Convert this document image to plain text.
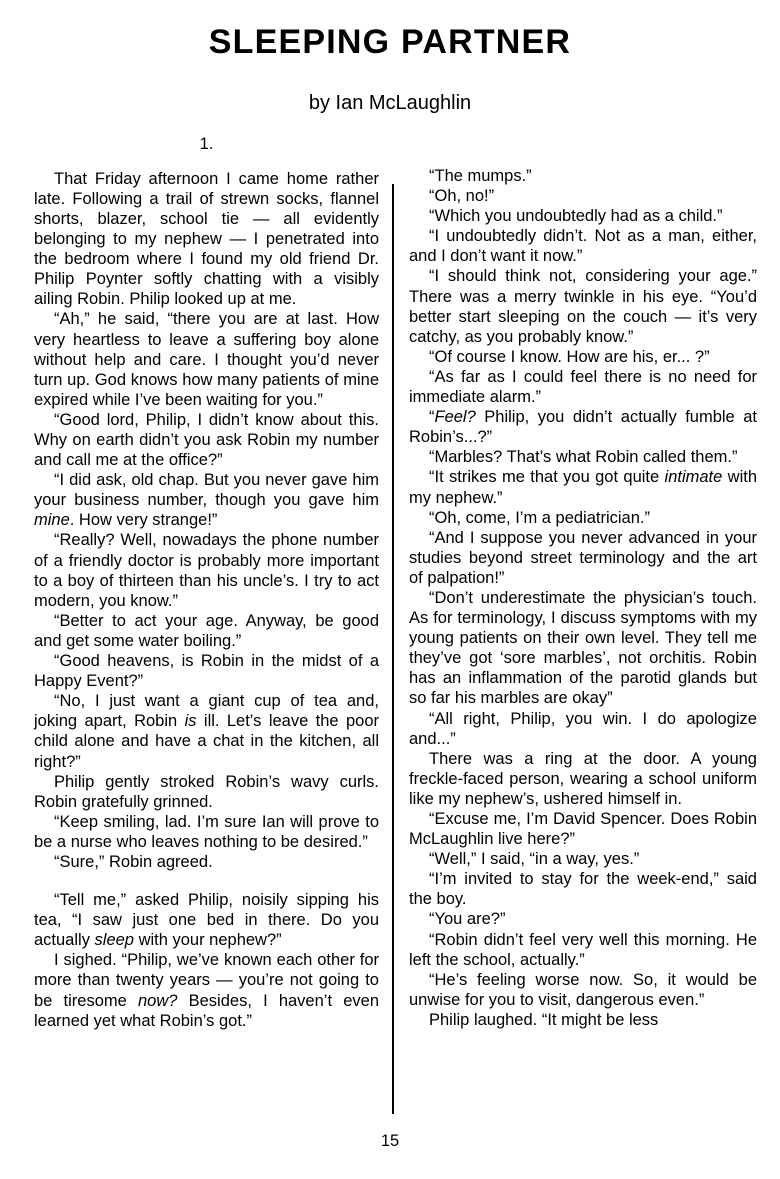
SLEEPING PARTNER
by Ian McLaughlin
1.

That Friday afternoon I came home rather late. Following a trail of strewn socks, flannel shorts, blazer, school tie — all evidently belonging to my nephew — I penetrated into the bedroom where I found my old friend Dr. Philip Poynter softly chatting with a visibly ailing Robin. Philip looked up at me.

“Ah,” he said, “there you are at last. How very heartless to leave a suffering boy alone without help and care. I thought you’d never turn up. God knows how many patients of mine expired while I’ve been waiting for you.”

“Good lord, Philip, I didn’t know about this. Why on earth didn’t you ask Robin my number and call me at the office?”

“I did ask, old chap. But you never gave him your business number, though you gave him mine. How very strange!”

“Really? Well, nowadays the phone number of a friendly doctor is probably more important to a boy of thirteen than his uncle’s. I try to act modern, you know.”

“Better to act your age. Anyway, be good and get some water boiling.”

“Good heavens, is Robin in the midst of a Happy Event?”

“No, I just want a giant cup of tea and, joking apart, Robin is ill. Let’s leave the poor child alone and have a chat in the kitchen, all right?”

Philip gently stroked Robin’s wavy curls. Robin gratefully grinned.

“Keep smiling, lad. I’m sure Ian will prove to be a nurse who leaves nothing to be desired.”

“Sure,” Robin agreed.

“Tell me,” asked Philip, noisily sipping his tea, “I saw just one bed in there. Do you actually sleep with your nephew?”

I sighed. “Philip, we’ve known each other for more than twenty years — you’re not going to be tiresome now? Besides, I haven’t even learned yet what Robin’s got.”

“The mumps.”

“Oh, no!”

“Which you undoubtedly had as a child.”

“I undoubtedly didn’t. Not as a man, either, and I don’t want it now.”

“I should think not, considering your age.” There was a merry twinkle in his eye. “You’d better start sleeping on the couch — it’s very catchy, as you probably know.”

“Of course I know. How are his, er... ?”

“As far as I could feel there is no need for immediate alarm.”

“Feel? Philip, you didn’t actually fumble at Robin’s...?”

“Marbles? That’s what Robin called them.”

“It strikes me that you got quite intimate with my nephew.”

“Oh, come, I’m a pediatrician.”

“And I suppose you never advanced in your studies beyond street terminology and the art of palpation!”

“Don’t underestimate the physician’s touch. As for terminology, I discuss symptoms with my young patients on their own level. They tell me they’ve got ‘sore marbles’, not orchitis. Robin has an inflammation of the parotid glands but so far his marbles are okay”

“All right, Philip, you win. I do apologize and...”

There was a ring at the door. A young freckle-faced person, wearing a school uniform like my nephew’s, ushered himself in.

“Excuse me, I’m David Spencer. Does Robin McLaughlin live here?”

“Well,” I said, “in a way, yes.”

“I’m invited to stay for the week-end,” said the boy.

“You are?”

“Robin didn’t feel very well this morning. He left the school, actually.”

“He’s feeling worse now. So, it would be unwise for you to visit, dangerous even.”

Philip laughed. “It might be less

15
